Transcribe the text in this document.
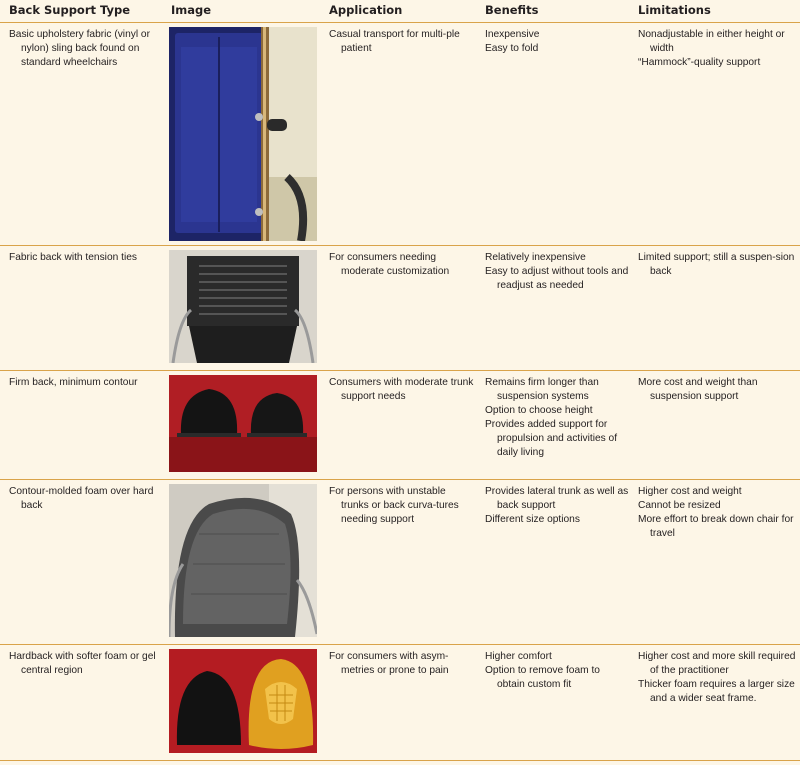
Back Support Type	Image	Application	Benefits	Limitations

Basic upholstery fabric (vinyl or nylon) sling back found on standard wheelchairs		Casual transport for multi-ple patient	Inexpensive
Easy to fold	Nonadjustable in either height or width
“Hammock”-quality support

Fabric back with tension ties		For consumers needing moderate customization	Relatively inexpensive
Easy to adjust without tools and readjust as needed	Limited support; still a suspen-sion back

Firm back, minimum contour		Consumers with moderate trunk support needs	Remains firm longer than suspension systems
Option to choose height
Provides added support for propulsion and activities of daily living	More cost and weight than suspension support

Contour-molded foam over hard back		For persons with unstable trunks or back curva-tures needing support	Provides lateral trunk as well as back support
Different size options	Higher cost and weight
Cannot be resized
More effort to break down chair for travel

Hardback with softer foam or gel central region		For consumers with asym-metries or prone to pain	Higher comfort
Option to remove foam to obtain custom fit	Higher cost and more skill required of the practitioner
Thicker foam requires a larger size and a wider seat frame.
